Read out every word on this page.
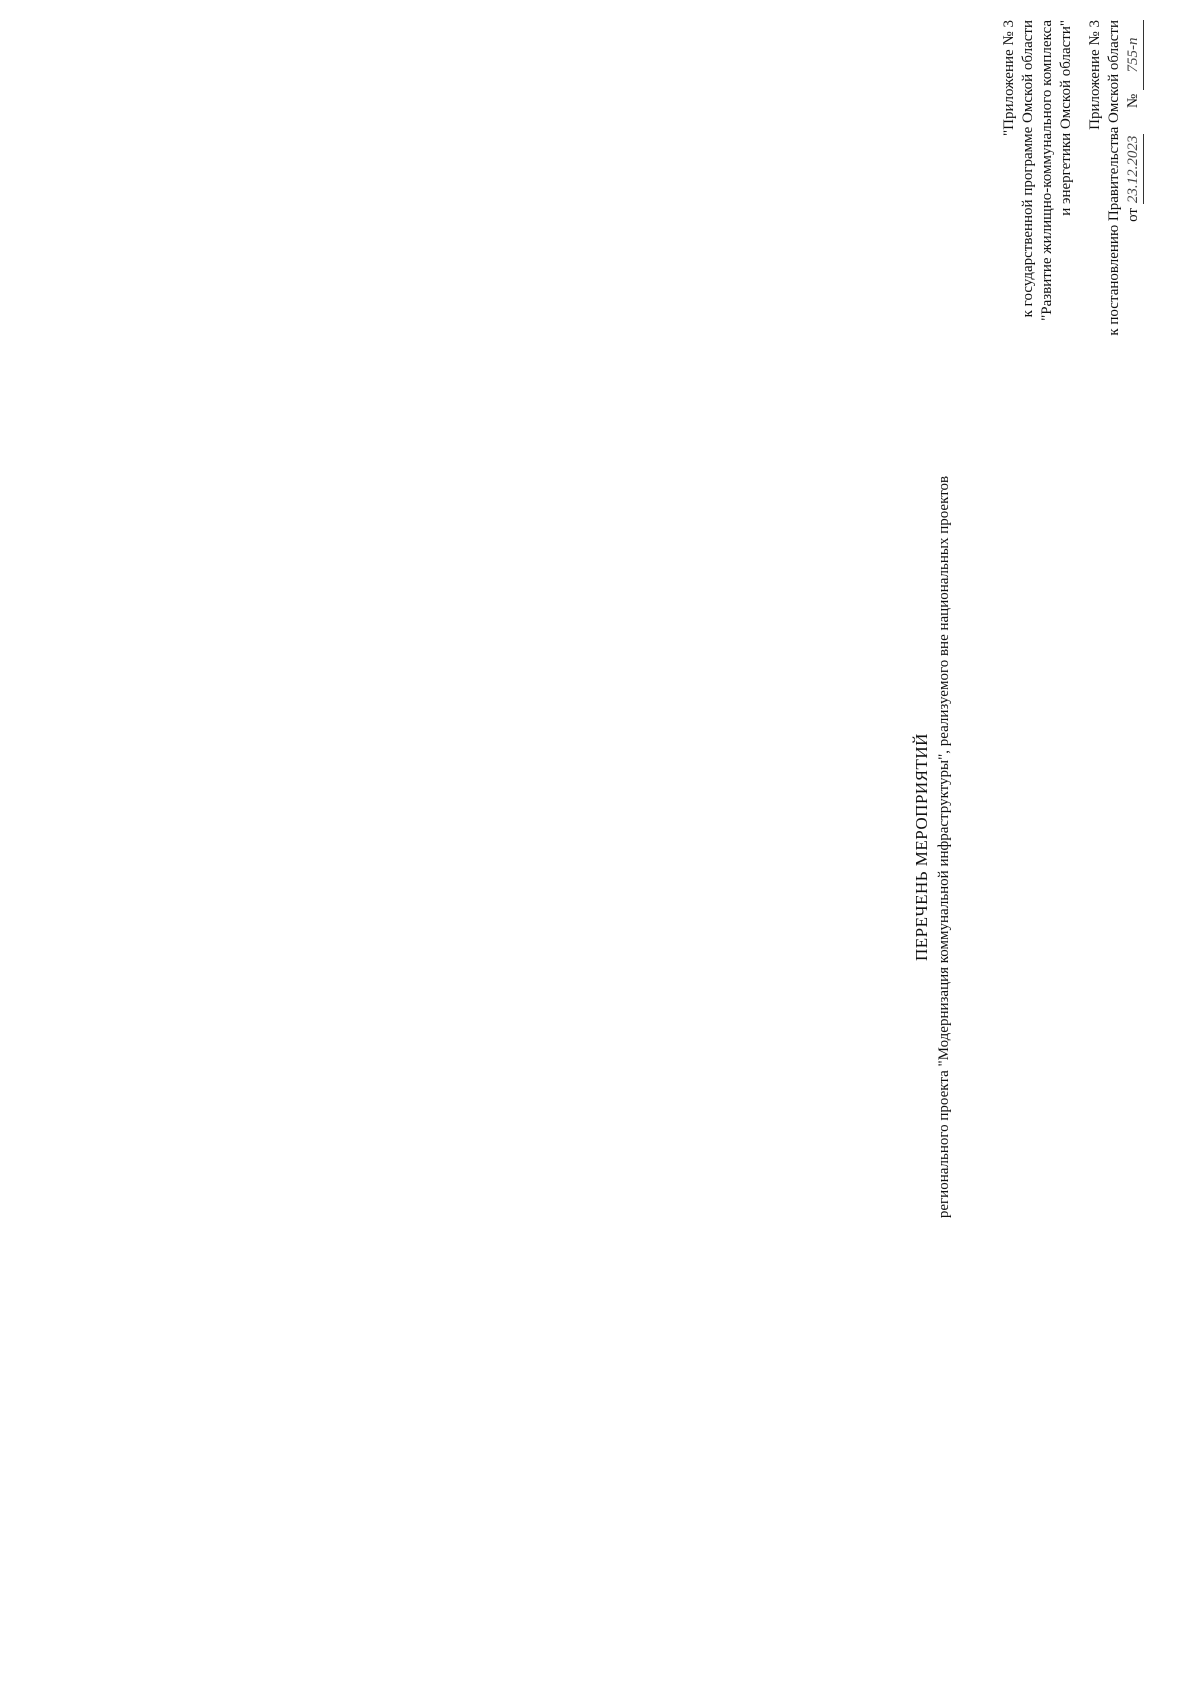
Приложение № 3 к постановлению Правительства Омской области от 23.12.2023       № 755-п
"Приложение № 3 к государственной программе Омской области "Развитие жилищно-коммунального комплекса и энергетики Омской области"
ПЕРЕЧЕНЬ МЕРОПРИЯТИЙ регионального проекта "Модернизация коммунальной инфраструктуры", реализуемого вне национальных проектов
